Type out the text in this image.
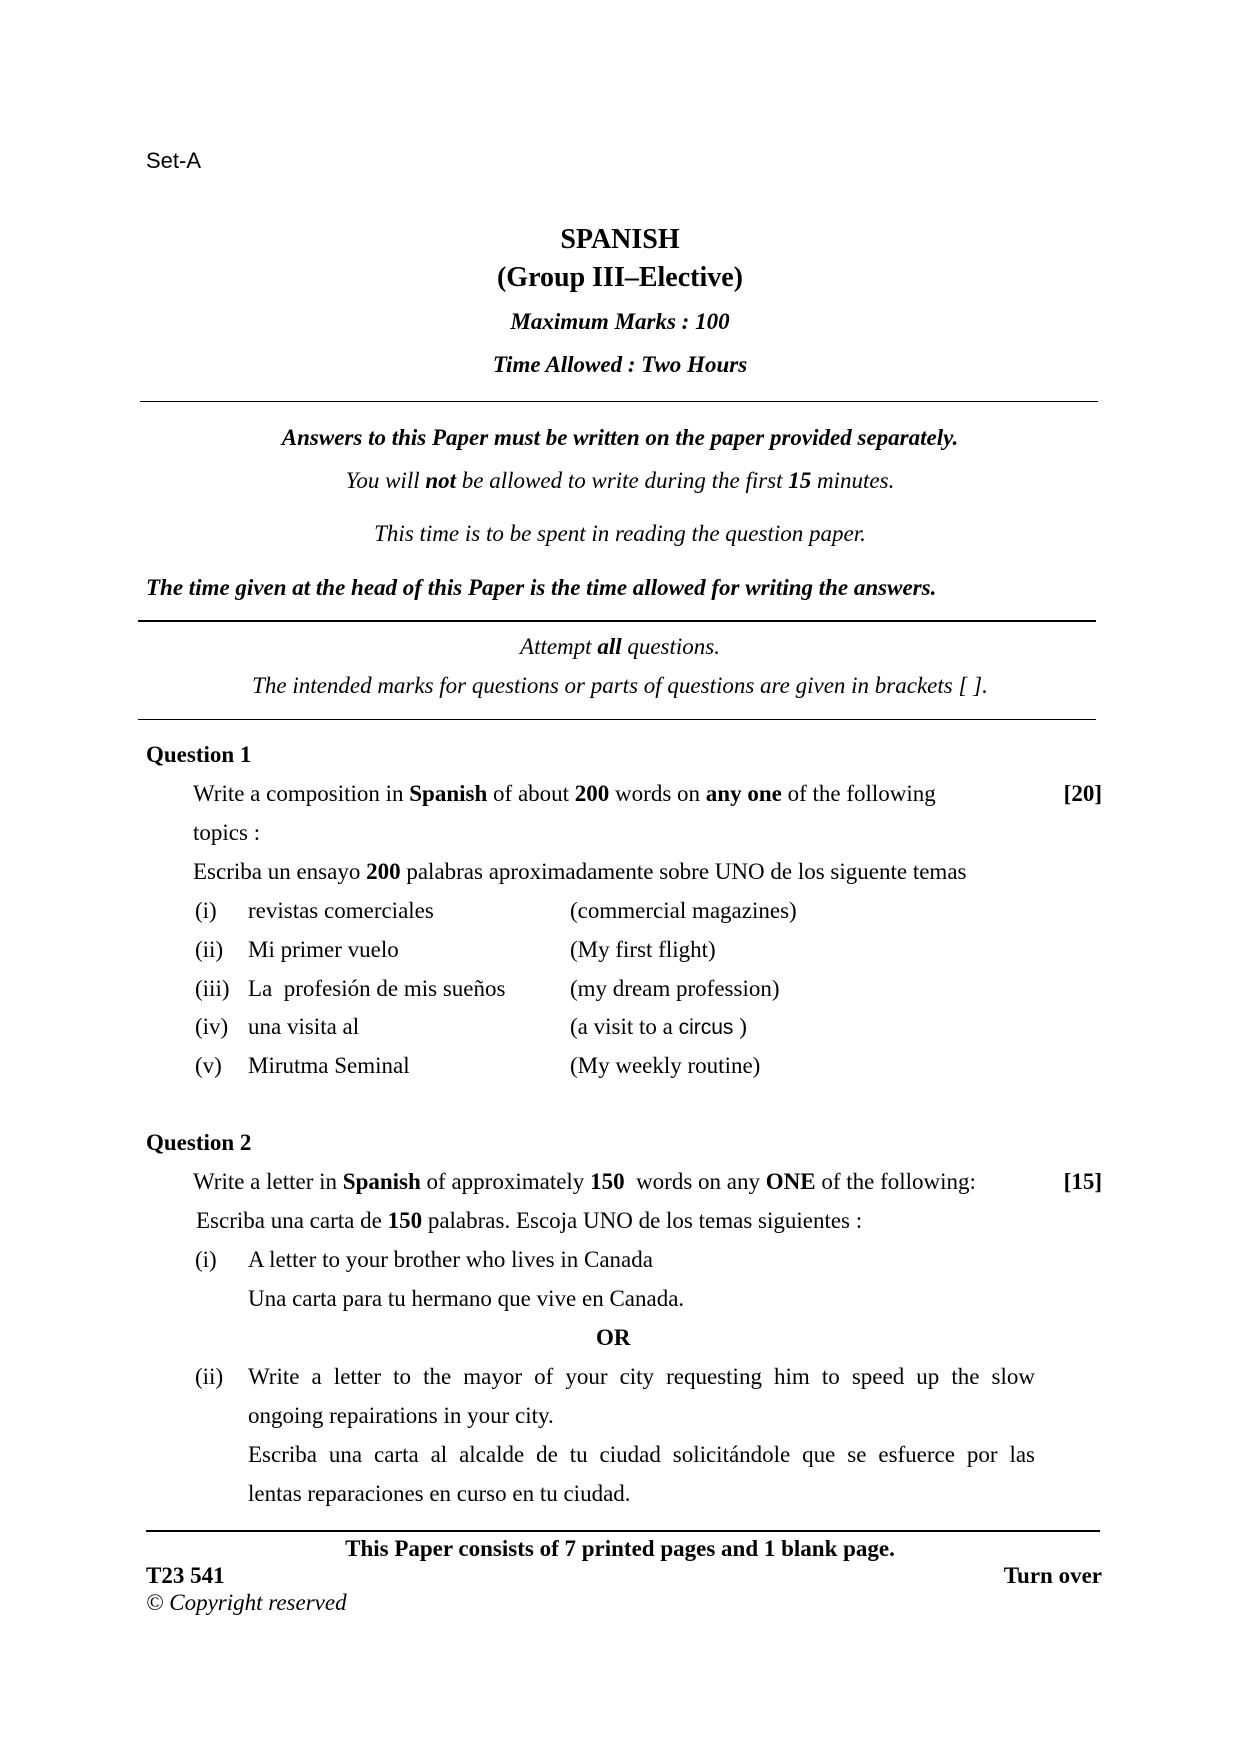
Set-A
SPANISH
(Group III–Elective)
Maximum Marks : 100
Time Allowed : Two Hours
Answers to this Paper must be written on the paper provided separately.
You will not be allowed to write during the first 15 minutes.
This time is to be spent in reading the question paper.
The time given at the head of this Paper is the time allowed for writing the answers.
Attempt all questions.
The intended marks for questions or parts of questions are given in brackets [ ].
Question 1
Write a composition in Spanish of about 200 words on any one of the following	[20]
topics :
Escriba un ensayo 200 palabras aproximadamente sobre UNO de los siguente temas
(i) revistas comerciales	(commercial magazines)
(ii) Mi primer vuelo	(My first flight)
(iii) La  profesión de mis sueños	(my dream profession)
(iv) una visita al	(a visit to a circus )
(v) Mirutma Seminal	(My weekly routine)
Question 2
Write a letter in Spanish of approximately 150  words on any ONE of the following:	[15]
Escriba una carta de 150 palabras. Escoja UNO de los temas siguientes :
(i) A letter to your brother who lives in Canada
Una carta para tu hermano que vive en Canada.
OR
(ii) Write a letter to the mayor of your city requesting him to speed up the slow
ongoing repairations in your city.
Escriba una carta al alcalde de tu ciudad solicitándole que se esfuerce por las
lentas reparaciones en curso en tu ciudad.
This Paper consists of 7 printed pages and 1 blank page.
T23 541	Turn over
© Copyright reserved
